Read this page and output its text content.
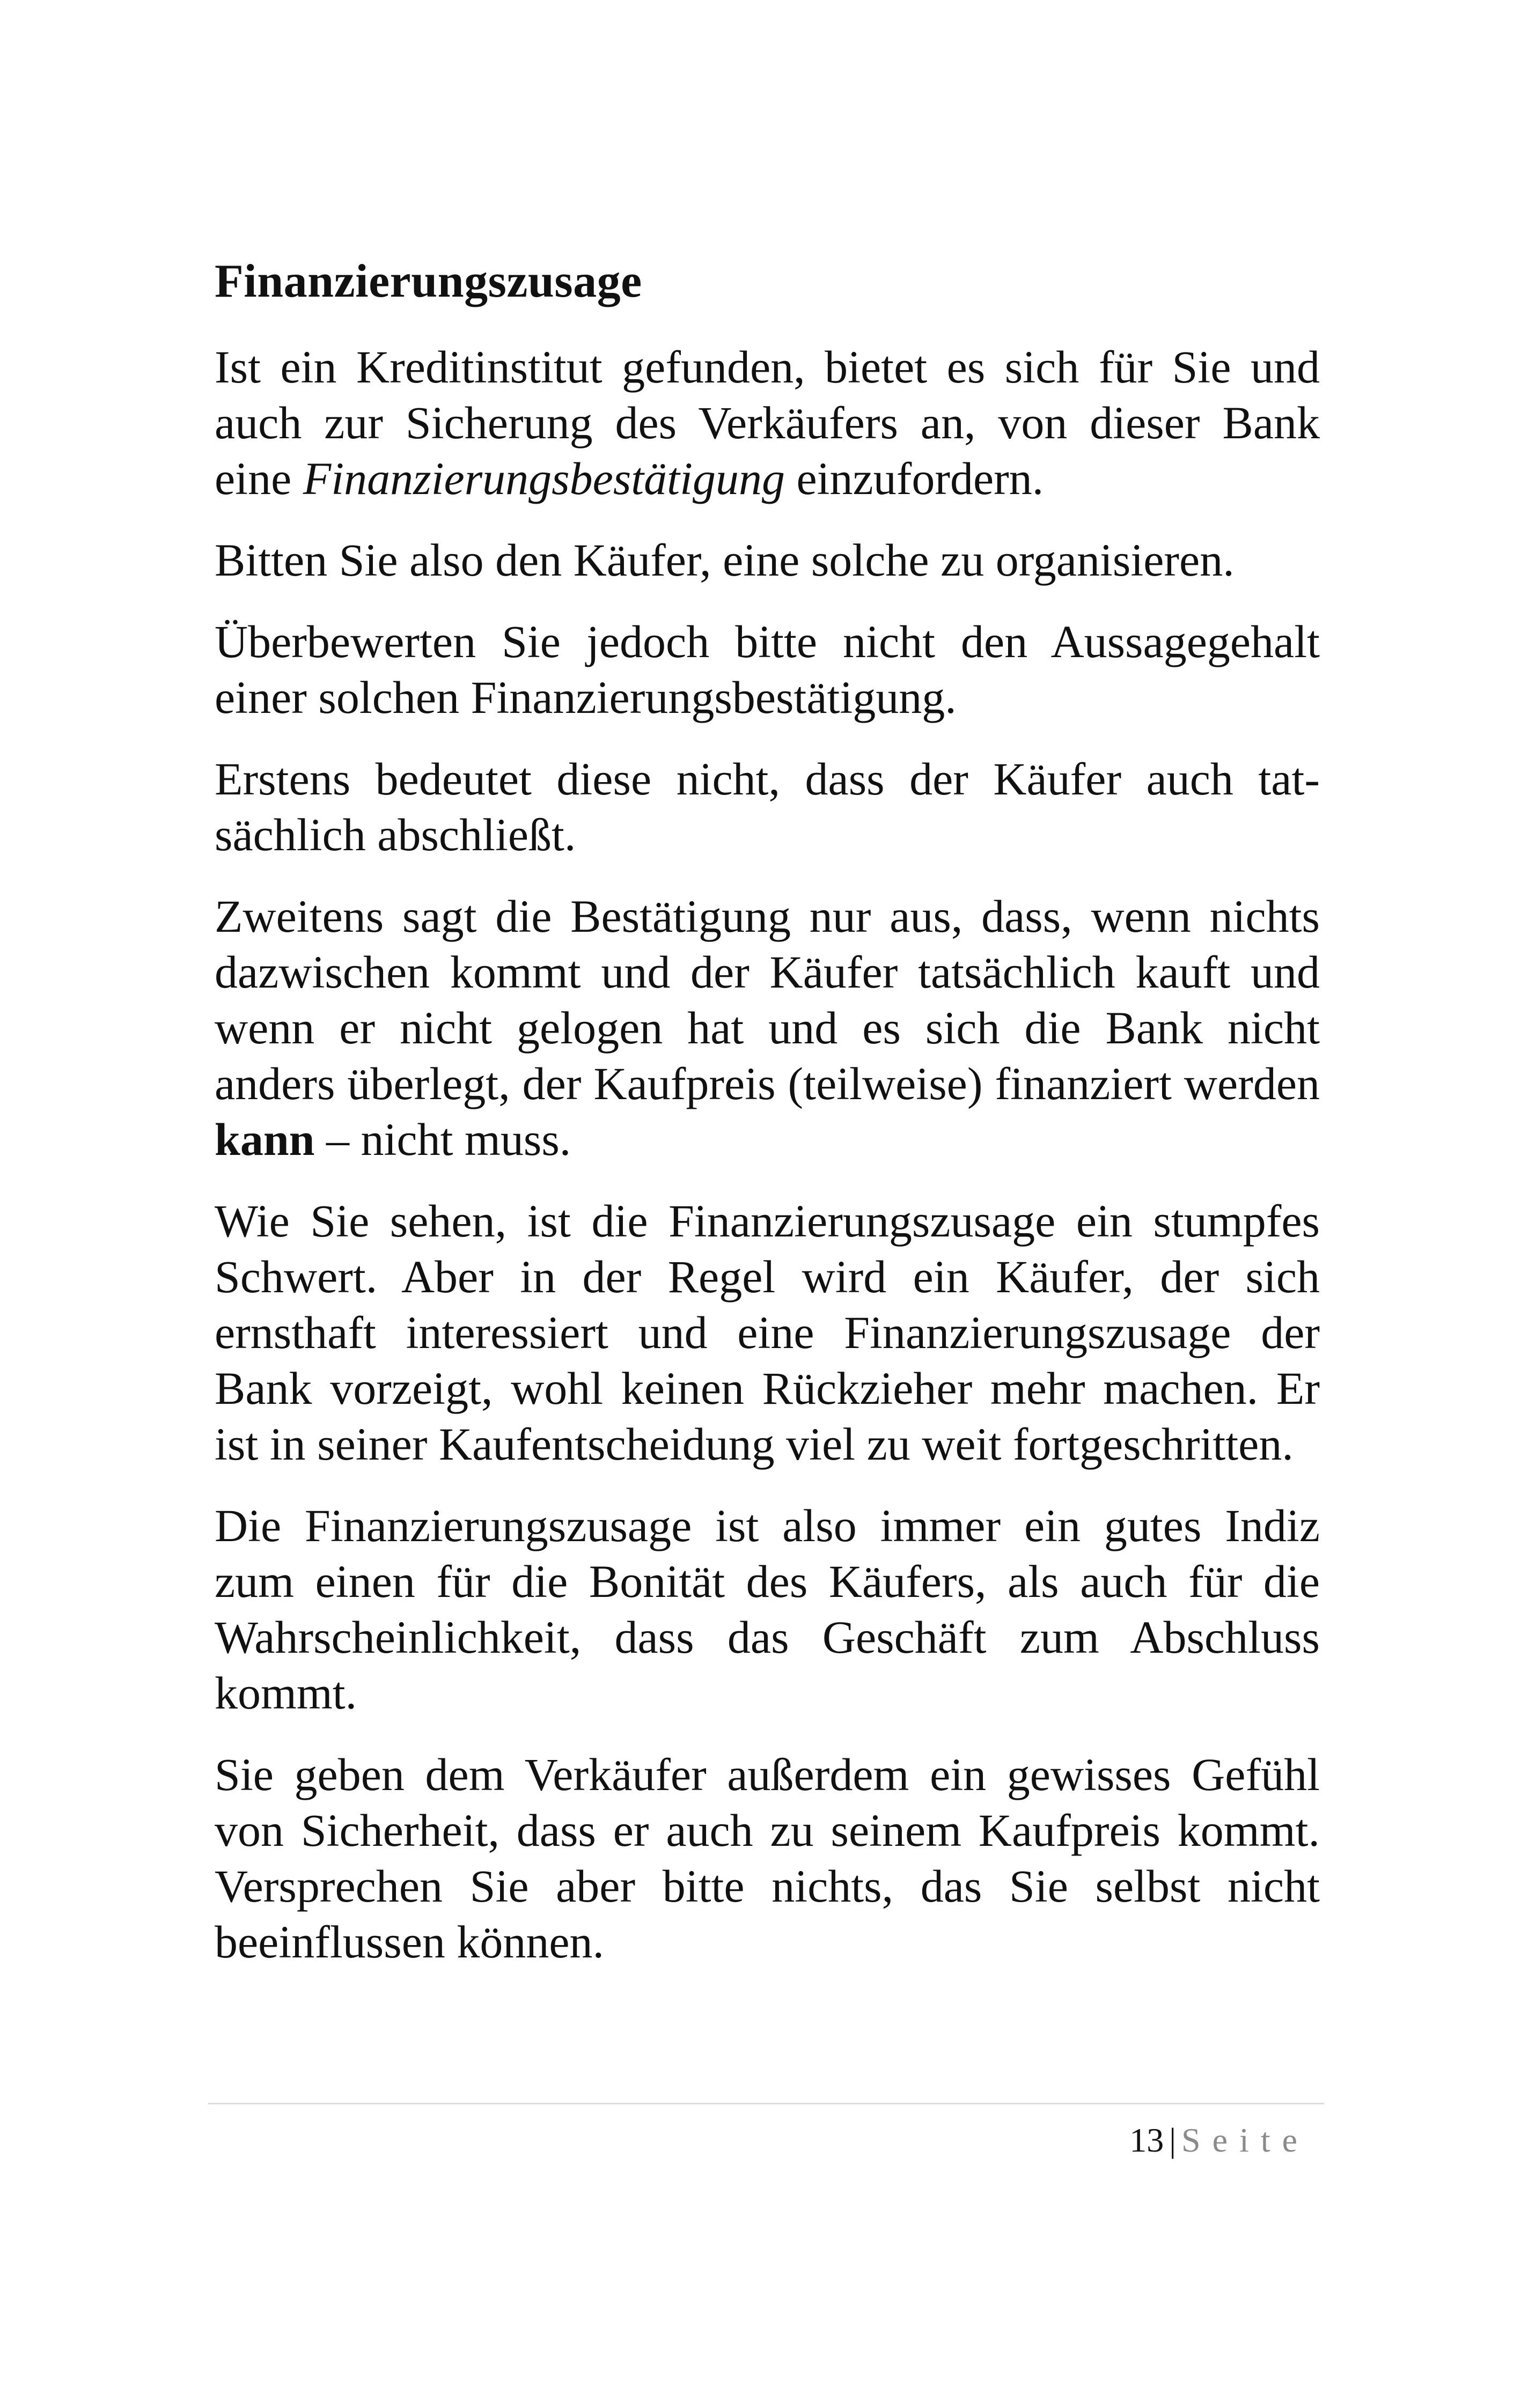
Finanzierungszusage

Ist ein Kreditinstitut gefunden, bietet es sich für Sie und auch zur Sicherung des Verkäufers an, von dieser Bank eine Finanzierungsbestätigung einzufordern.

Bitten Sie also den Käufer, eine solche zu organisieren.

Überbewerten Sie jedoch bitte nicht den Aussagegehalt einer solchen Finanzierungsbestätigung.

Erstens bedeutet diese nicht, dass der Käufer auch tatsächlich abschließt.

Zweitens sagt die Bestätigung nur aus, dass, wenn nichts dazwischen kommt und der Käufer tatsächlich kauft und wenn er nicht gelogen hat und es sich die Bank nicht anders überlegt, der Kaufpreis (teilweise) finanziert werden kann – nicht muss.

Wie Sie sehen, ist die Finanzierungszusage ein stumpfes Schwert. Aber in der Regel wird ein Käufer, der sich ernsthaft interessiert und eine Finanzierungszusage der Bank vorzeigt, wohl keinen Rückzieher mehr machen. Er ist in seiner Kaufentscheidung viel zu weit fortgeschritten.

Die Finanzierungszusage ist also immer ein gutes Indiz zum einen für die Bonität des Käufers, als auch für die Wahrscheinlichkeit, dass das Geschäft zum Abschluss kommt.

Sie geben dem Verkäufer außerdem ein gewisses Gefühl von Sicherheit, dass er auch zu seinem Kaufpreis kommt. Versprechen Sie aber bitte nichts, das Sie selbst nicht beeinflussen können.

13 | Seite
